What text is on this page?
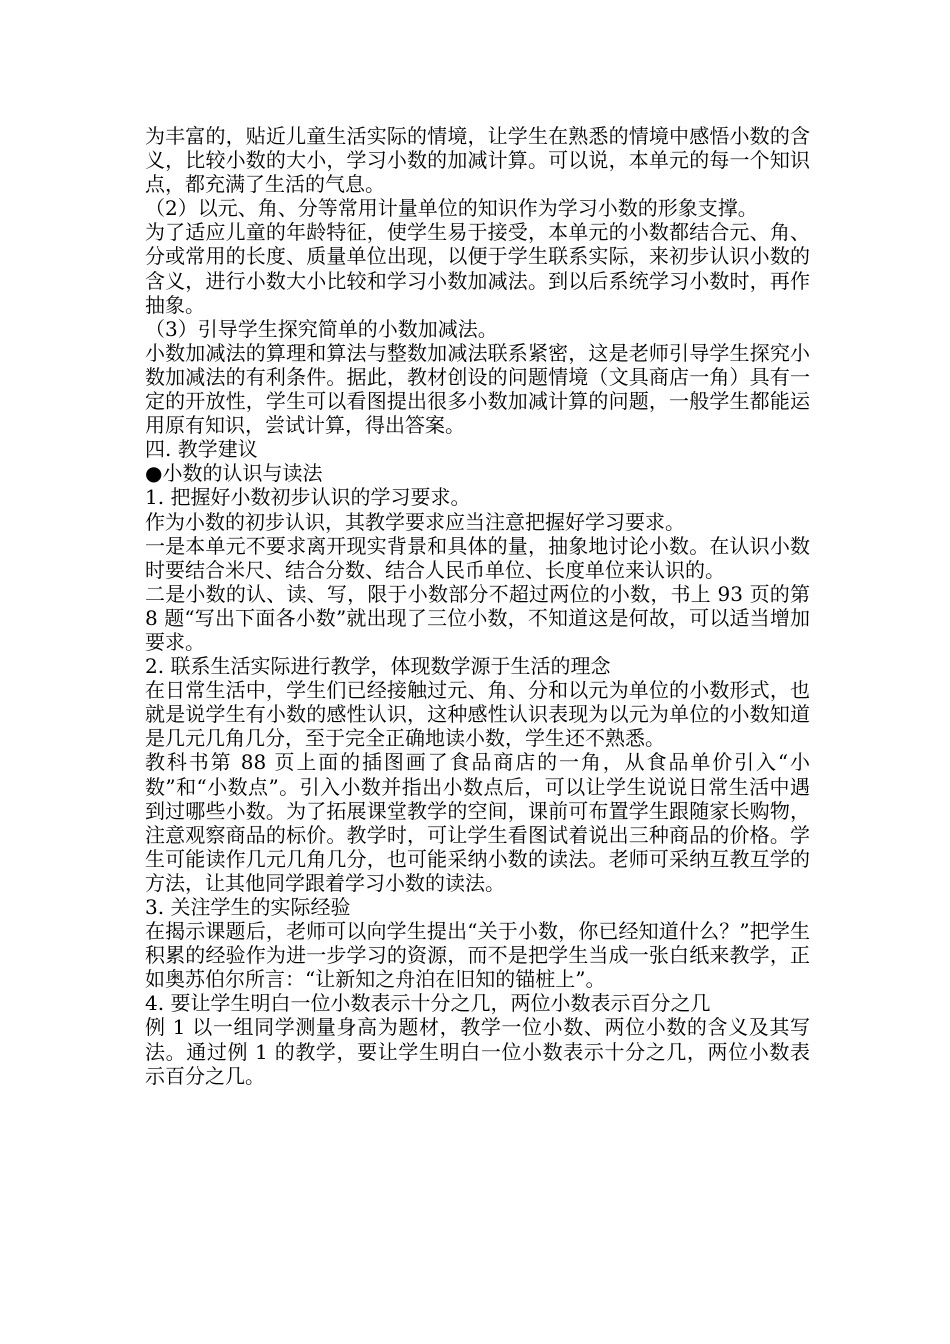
为丰富的，贴近儿童生活实际的情境，让学生在熟悉的情境中感悟小数的含义，比较小数的大小，学习小数的加减计算。可以说，本单元的每一个知识点，都充满了生活的气息。

（2）以元、角、分等常用计量单位的知识作为学习小数的形象支撑。

为了适应儿童的年龄特征，使学生易于接受，本单元的小数都结合元、角、分或常用的长度、质量单位出现，以便于学生联系实际，来初步认识小数的含义，进行小数大小比较和学习小数加减法。到以后系统学习小数时，再作抽象。

（3）引导学生探究简单的小数加减法。

小数加减法的算理和算法与整数加减法联系紧密，这是老师引导学生探究小数加减法的有利条件。据此，教材创设的问题情境（文具商店一角）具有一定的开放性，学生可以看图提出很多小数加减计算的问题，一般学生都能运用原有知识，尝试计算，得出答案。

四. 教学建议

●小数的认识与读法

1. 把握好小数初步认识的学习要求。

作为小数的初步认识，其教学要求应当注意把握好学习要求。

一是本单元不要求离开现实背景和具体的量，抽象地讨论小数。在认识小数时要结合米尺、结合分数、结合人民币单位、长度单位来认识的。

二是小数的认、读、写，限于小数部分不超过两位的小数，书上 93 页的第 8 题“写出下面各小数”就出现了三位小数，不知道这是何故，可以适当增加要求。

2. 联系生活实际进行教学，体现数学源于生活的理念

在日常生活中，学生们已经接触过元、角、分和以元为单位的小数形式，也就是说学生有小数的感性认识，这种感性认识表现为以元为单位的小数知道是几元几角几分，至于完全正确地读小数，学生还不熟悉。

教科书第 88 页上面的插图画了食品商店的一角，从食品单价引入“小数”和“小数点”。引入小数并指出小数点后，可以让学生说说日常生活中遇到过哪些小数。为了拓展课堂教学的空间，课前可布置学生跟随家长购物，注意观察商品的标价。教学时，可让学生看图试着说出三种商品的价格。学生可能读作几元几角几分，也可能采纳小数的读法。老师可采纳互教互学的方法，让其他同学跟着学习小数的读法。

3. 关注学生的实际经验

在揭示课题后，老师可以向学生提出“关于小数，你已经知道什么？”把学生积累的经验作为进一步学习的资源，而不是把学生当成一张白纸来教学，正如奥苏伯尔所言：“让新知之舟泊在旧知的锚桩上”。

4. 要让学生明白一位小数表示十分之几，两位小数表示百分之几

例 1 以一组同学测量身高为题材，教学一位小数、两位小数的含义及其写法。通过例 1 的教学，要让学生明白一位小数表示十分之几，两位小数表示百分之几。
